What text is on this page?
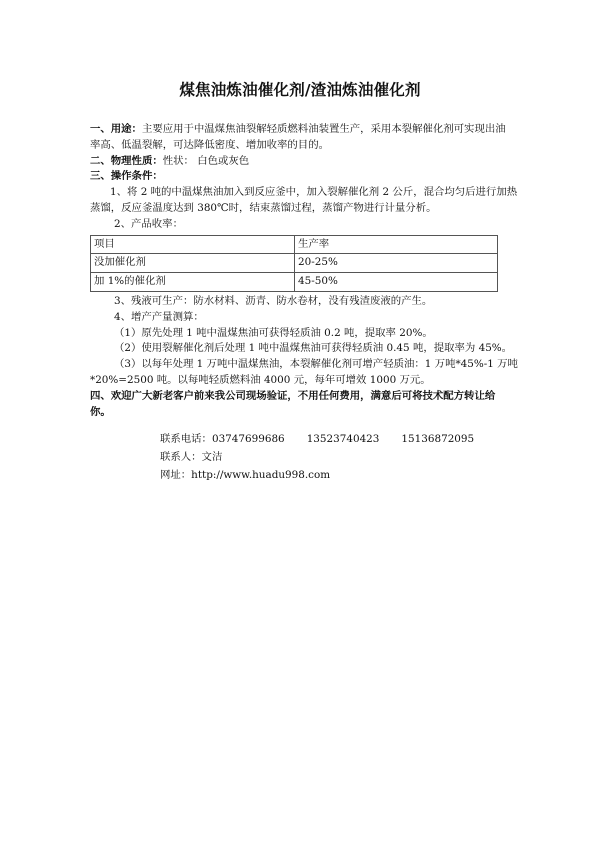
煤焦油炼油催化剂/渣油炼油催化剂

一、用途：主要应用于中温煤焦油裂解轻质燃料油装置生产，采用本裂解催化剂可实现出油
率高、低温裂解，可达降低密度、增加收率的目的。

二、物理性质：性状： 白色或灰色

三、操作条件：

1、将 2 吨的中温煤焦油加入到反应釜中，加入裂解催化剂 2 公斤，混合均匀后进行加热

蒸馏，反应釜温度达到 380℃时，结束蒸馏过程，蒸馏产物进行计量分析。

2、产品收率：

项目	生产率
没加催化剂	20-25%
加 1%的催化剂	45-50%

3、残液可生产：防水材料、沥青、防水卷材，没有残渣废液的产生。

4、增产产量测算：

（1）原先处理 1 吨中温煤焦油可获得轻质油 0.2 吨，提取率 20%。

（2）使用裂解催化剂后处理 1 吨中温煤焦油可获得轻质油 0.45 吨，提取率为 45%。

（3）以每年处理 1 万吨中温煤焦油，本裂解催化剂可增产轻质油：1 万吨*45%-1 万吨

*20%=2500 吨。以每吨轻质燃料油 4000 元，每年可增效 1000 万元。

四、欢迎广大新老客户前来我公司现场验证，不用任何费用，满意后可将技术配方转让给
你。

联系电话：03747699686 13523740423 15136872095
联系人：文洁
网址：http://www.huadu998.com
